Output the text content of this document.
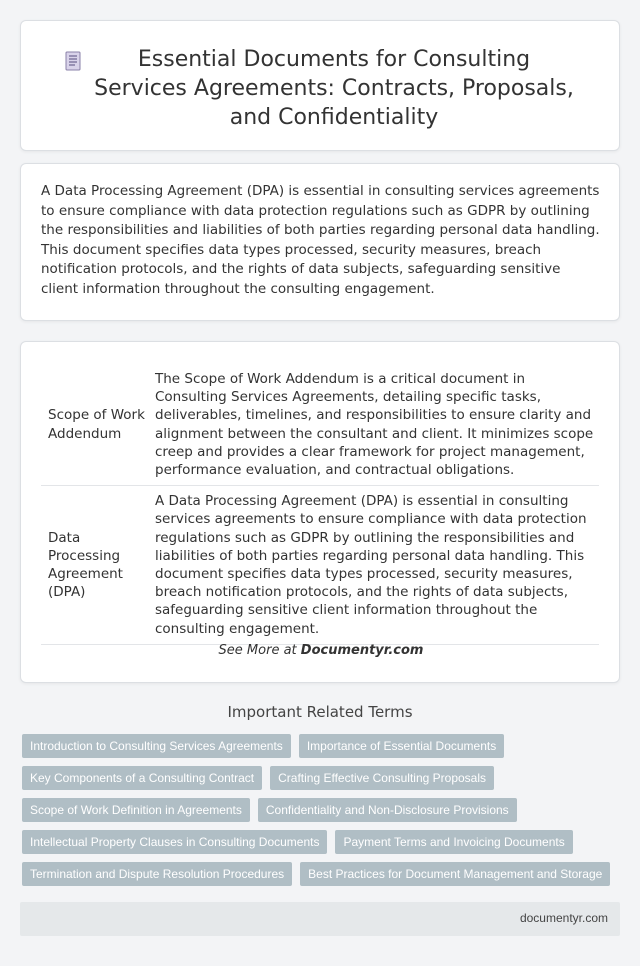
Essential Documents for Consulting Services Agreements: Contracts, Proposals, and Confidentiality

A Data Processing Agreement (DPA) is essential in consulting services agreements to ensure compliance with data protection regulations such as GDPR by outlining the responsibilities and liabilities of both parties regarding personal data handling. This document specifies data types processed, security measures, breach notification protocols, and the rights of data subjects, safeguarding sensitive client information throughout the consulting engagement.

Scope of Work Addendum	The Scope of Work Addendum is a critical document in Consulting Services Agreements, detailing specific tasks, deliverables, timelines, and responsibilities to ensure clarity and alignment between the consultant and client. It minimizes scope creep and provides a clear framework for project management, performance evaluation, and contractual obligations.
Data Processing Agreement (DPA)	A Data Processing Agreement (DPA) is essential in consulting services agreements to ensure compliance with data protection regulations such as GDPR by outlining the responsibilities and liabilities of both parties regarding personal data handling. This document specifies data types processed, security measures, breach notification protocols, and the rights of data subjects, safeguarding sensitive client information throughout the consulting engagement.
See More at Documentyr.com
Important Related Terms
Introduction to Consulting Services Agreements	Importance of Essential Documents
Key Components of a Consulting Contract	Crafting Effective Consulting Proposals
Scope of Work Definition in Agreements	Confidentiality and Non-Disclosure Provisions
Intellectual Property Clauses in Consulting Documents	Payment Terms and Invoicing Documents
Termination and Dispute Resolution Procedures	Best Practices for Document Management and Storage
documentyr.com
